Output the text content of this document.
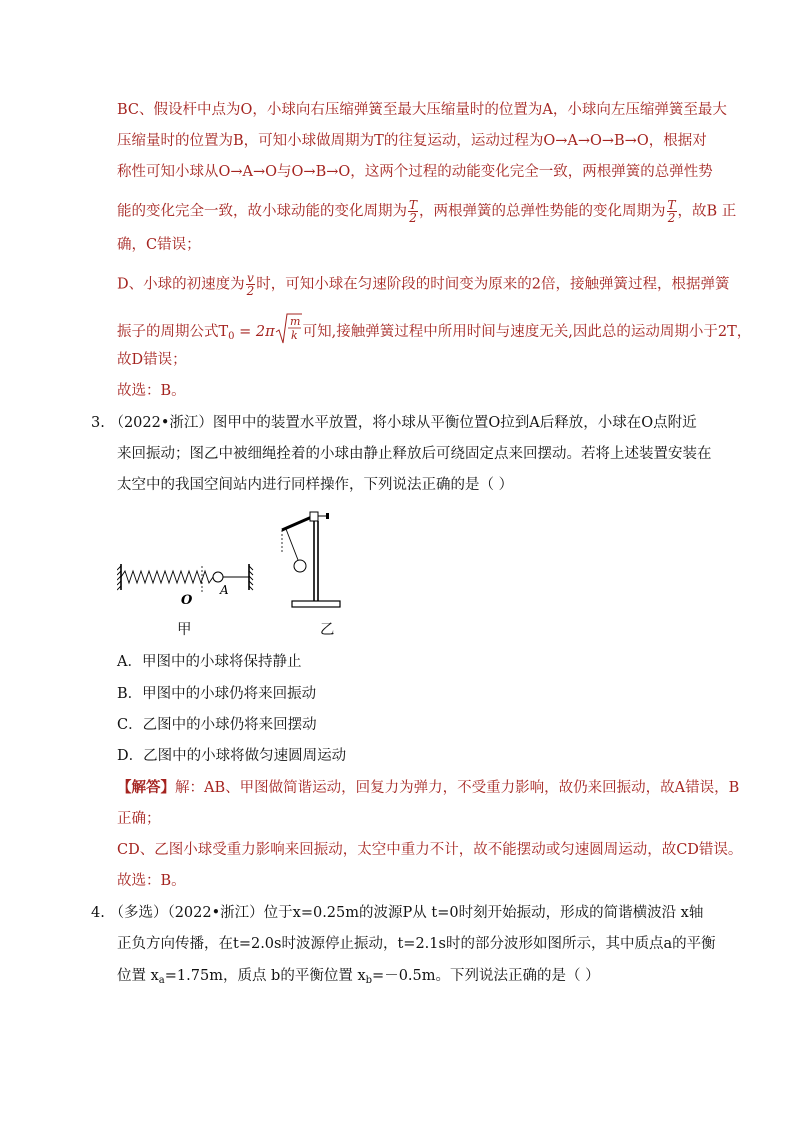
BC、假设杆中点为O，小球向右压缩弹簧至最大压缩量时的位置为A，小球向左压缩弹簧至最大
压缩量时的位置为B，可知小球做周期为T的往复运动，运动过程为O→A→O→B→O，根据对
称性可知小球从O→A→O与O→B→O，这两个过程的动能变化完全一致，两根弹簧的总弹性势
能的变化完全一致，故小球动能的变化周期为 $\frac{T}{2}$ ，两根弹簧的总弹性势能的变化周期为 $\frac{T}{2}$ ，故B 正
确，C错误；
D、小球的初速度为 $\frac{v}{2}$ 时，可知小球在匀速阶段的时间变为原来的2倍，接触弹簧过程，根据弹簧
振子的周期公式$T_0 = 2\pi$
m
k 可知,接触弹簧过程中所用时间与速度无关,因此总的运动周期小于2T，
故D错误；
故选：B。
3. （2022•浙江）图甲中的装置水平放置，将小球从平衡位置O拉到A后释放，小球在O点附近
来回振动；图乙中被细绳拴着的小球由静止释放后可绕固定点来回摆动。若将上述装置安装在
太空中的我国空间站内进行同样操作，下列说法正确的是（ ）
O
A
甲	乙
A．甲图中的小球将保持静止
B．甲图中的小球仍将来回振动
C．乙图中的小球仍将来回摆动
D．乙图中的小球将做匀速圆周运动
【解答】解：AB、甲图做简谐运动，回复力为弹力，不受重力影响，故仍来回振动，故A错误，B
正确；
CD、乙图小球受重力影响来回振动，太空中重力不计，故不能摆动或匀速圆周运动，故CD错误。
故选：B。
4. （多选）（2022•浙江）位于x=0.25m的波源P从 t=0时刻开始振动，形成的简谐横波沿 x轴
正负方向传播，在t=2.0s时波源停止振动，t=2.1s时的部分波形如图所示，其中质点a的平衡
位置 $x_a=1.75m$，质点 b的平衡位置 $x_b=-0.5m$。下列说法正确的是（ ）
